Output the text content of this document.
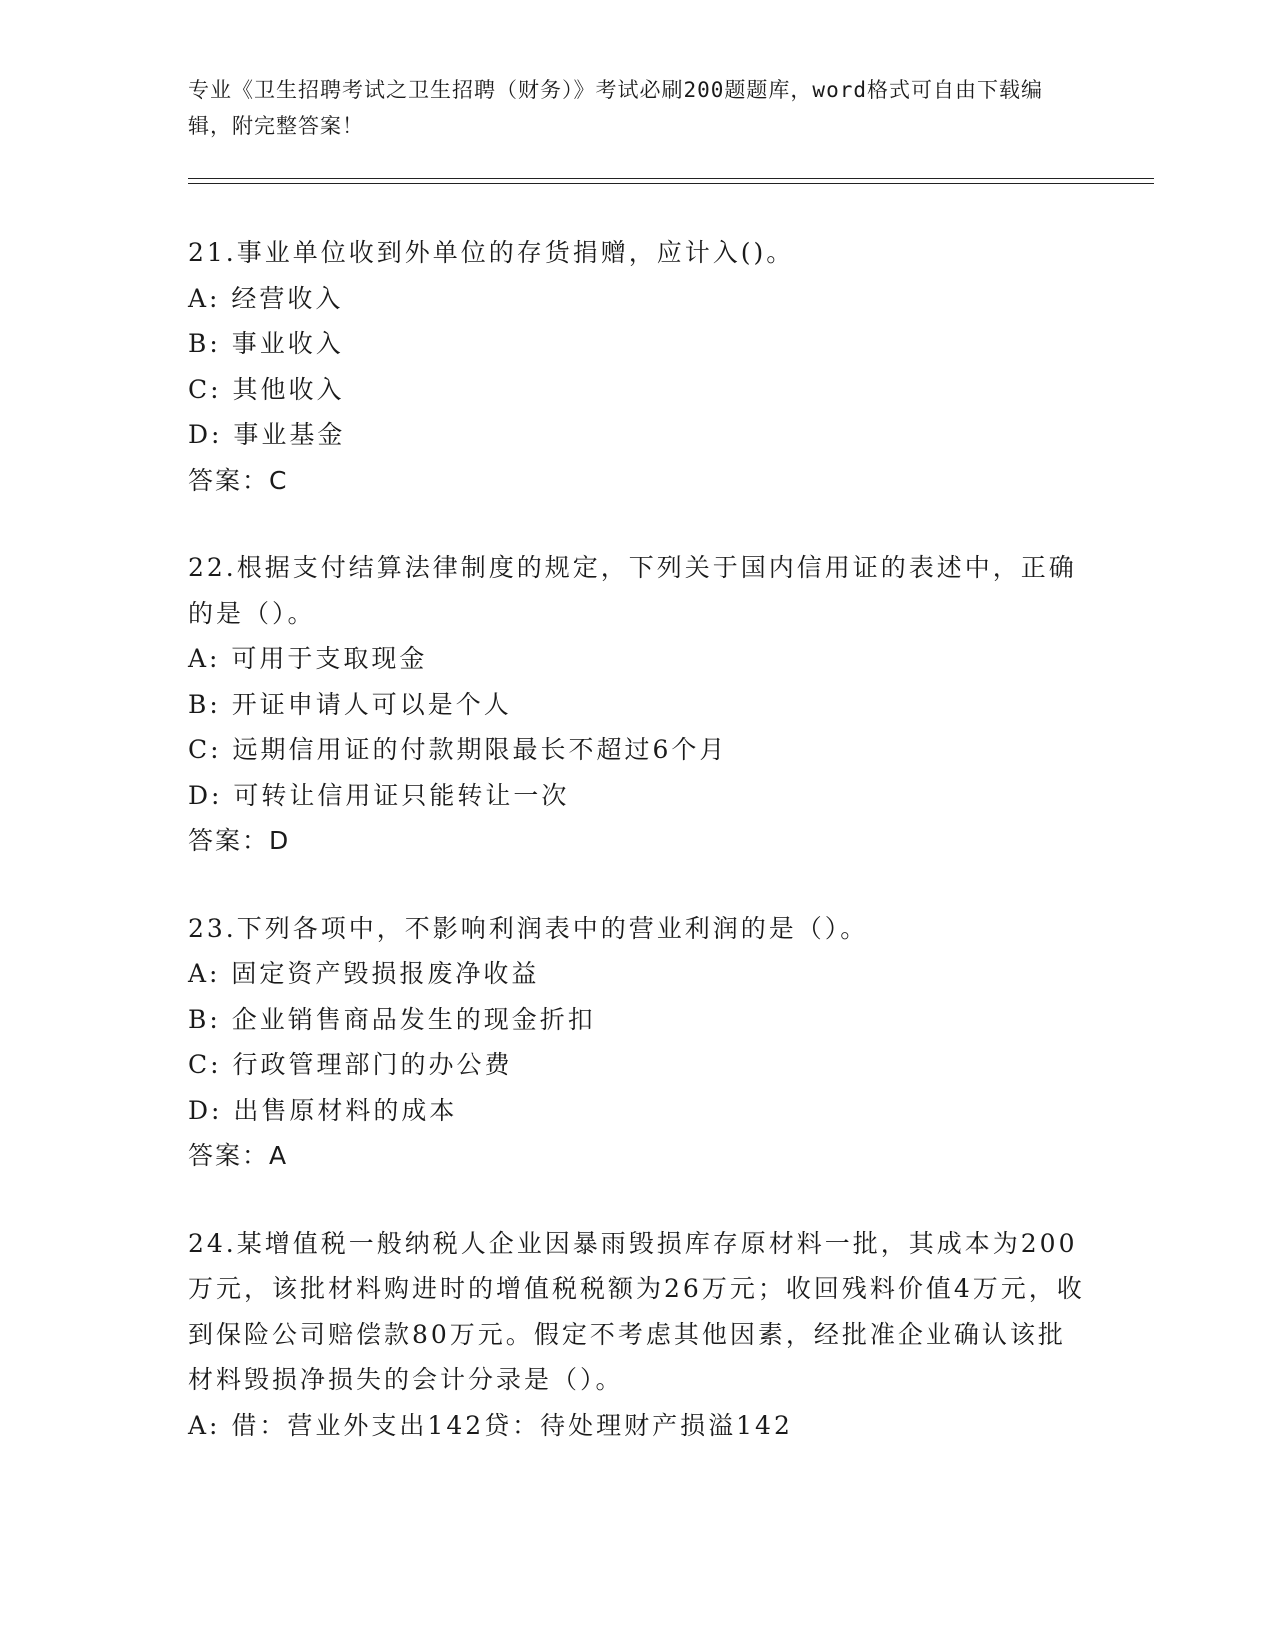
专业《卫生招聘考试之卫生招聘（财务）》考试必刷200题题库，word格式可自由下载编辑，附完整答案！
21.事业单位收到外单位的存货捐赠，应计入()。
A: 经营收入
B: 事业收入
C: 其他收入
D: 事业基金
答案：C
22.根据支付结算法律制度的规定，下列关于国内信用证的表述中，正确的是（）。
A: 可用于支取现金
B: 开证申请人可以是个人
C: 远期信用证的付款期限最长不超过6个月
D: 可转让信用证只能转让一次
答案：D
23.下列各项中，不影响利润表中的营业利润的是（）。
A: 固定资产毁损报废净收益
B: 企业销售商品发生的现金折扣
C: 行政管理部门的办公费
D: 出售原材料的成本
答案：A
24.某增值税一般纳税人企业因暴雨毁损库存原材料一批，其成本为200万元，该批材料购进时的增值税税额为26万元；收回残料价值4万元，收到保险公司赔偿款80万元。假定不考虑其他因素，经批准企业确认该批材料毁损净损失的会计分录是（）。
A: 借：营业外支出142贷：待处理财产损溢142
